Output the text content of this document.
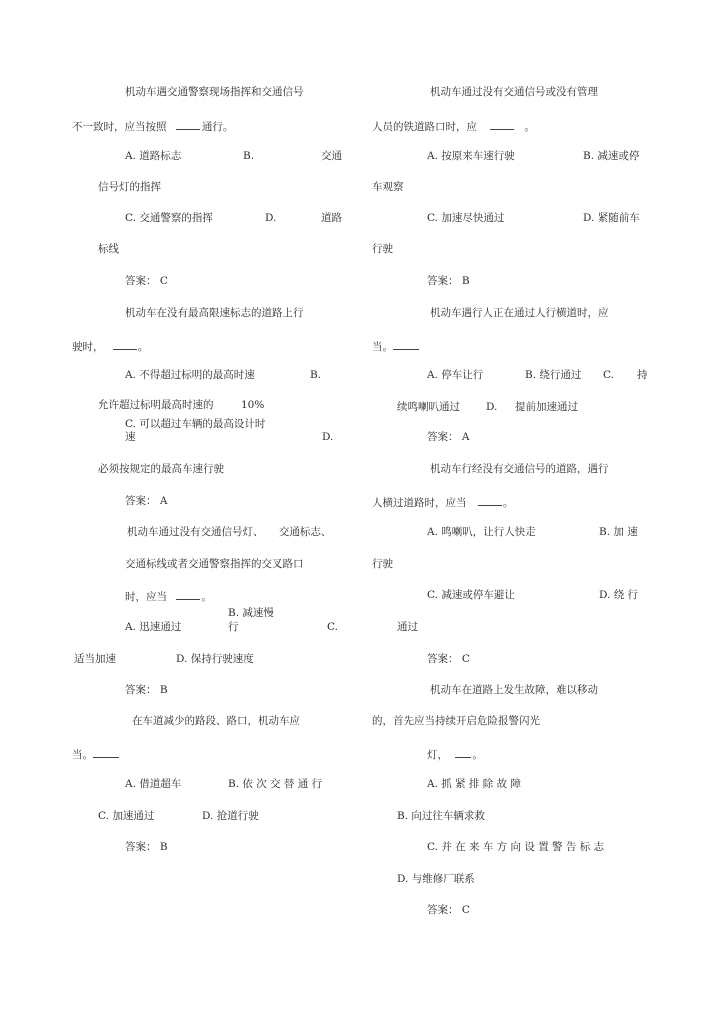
机动车遇交通警察现场指挥和交通信号
不一致时，应当按照	通行。
A. 道路标志	B.	交通
信号灯的指挥
C. 交通警察的指挥	D.	道路
标线
答案： C
机动车在没有最高限速标志的道路上行
驶时，	。
A. 不得超过标明的最高时速	B.
允许超过标明最高时速的	10%
C. 可以超过车辆的最高设计时
速	D.
必须按规定的最高车速行驶
答案： A
机动车通过没有交通信号灯、 交通标志、
交通标线或者交通警察指挥的交叉路口
时，应当	。
B. 减速慢
A. 迅速通过	行	C.
适当加速	D. 保持行驶速度
答案： B
在车道减少的路段、路口，机动车应
当。
A. 借道超车	B. 依 次 交 替 通 行
C. 加速通过	D. 抢道行驶
答案： B
机动车通过没有交通信号或没有管理
人员的铁道路口时，应	。
A. 按原来车速行驶	B. 减速或停
车观察
C. 加速尽快通过	D. 紧随前车
行驶
答案： B
机动车遇行人正在通过人行横道时，应
当。
A. 停车让行	B. 绕行通过 C. 持
续鸣喇叭通过 D. 提前加速通过
答案： A
机动车行经没有交通信号的道路，遇行
人横过道路时，应当	。
A. 鸣喇叭，让行人快走	B. 加 速
行驶
C. 减速或停车避让	D. 绕 行
通过
答案： C
机动车在道路上发生故障，难以移动
的，首先应当持续开启危险报警闪光
灯， 。
A. 抓 紧 排 除 故 障
B. 向过往车辆求救
C. 并 在 来 车 方 向 设 置 警 告 标 志
D. 与维修厂联系
答案： C
